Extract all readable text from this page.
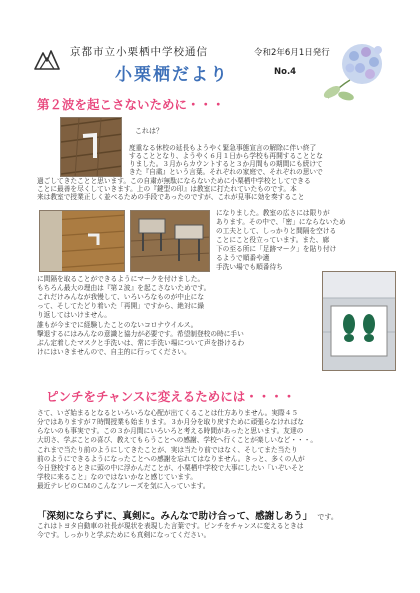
京都市立小栗栖中学校通信	令和2年6月1日発行
小栗栖だより	No.4
第２波を起こさないために・・・
これは？
度重なる休校の延長もようやく緊急事態宣言の解除に伴い終了
することとなり、ようやく６月１日から学校も再開することとな
りました。３月からカウントすると３か月間もの期間にも続けて
きた『自粛』という言葉。それぞれの家庭で、それぞれの思いで
過ごしてきたことと思います。この自粛が無駄にならないために小栗栖中学校としてできる
ことに最善を尽くしていきます。上の『鍵型の印』は教室に打たれていたものです。本
来は教室で授業正しく並べるための手段であったのですが、これが見事に効を奏すること
になりました。教室の広さには限りが
あります。その中で、「密」にならないため
の工夫として、しっかりと間隔を空ける
ことにこと役立っています。また、廊
下の至る所に「足跡マーク」を貼り付け
るようで順番や適
手洗い場でも順番待ち
に間隔を取ることができるようにマークを付けました。
もちろん最大の理由は『第２波』を起こさないためです。
これだけみんなが我慢して、いろいろなものが中止にな
って、そしてたどり着いた「再開」ですから、絶対に繰
り返してはいけません。
誰もが今までに経験したことのないコロナウイルス。
撃退するにはみんなの意識と協力が必要です。希望制登校の時に手い
ぶん定着したマスクと手洗いは、常に手洗い場について声を掛けるわ
けにはいきませんので、自主的に行ってください。
ピンチをチャンスに変えるためには・・・・
さて、いざ始まるとなるといろいろな心配が出てくることは仕方ありません。実際４５
分ではありますが７時間授業も始まります。３か月分を取り戻すために頑張らなければな
らないのも事実です。この３か月間にいろいろと考える時間があったと思います。友達の
大切さ、学ぶことの喜び、教えてもらうことへの感謝、学校へ行くことが楽しいなど・・・。
これまで当たり前のようにしてきたことが、実は当たり前ではなく、そしてまた当たり
前のようにできるようになったことへの感謝を忘れてはなりません。きっと、多くの人が
今日登校するときに頭の中に浮かんだことが、小栗栖中学校で大事にしたい「いぞいそと
学校に来ること」なのではないかなと感じています。
最近テレビのＣＭのこんなフレーズを気に入っています。
「深刻にならずに、真剣に。みんなで助け合って、感謝しあう」 です。
これはトヨタ自動車の社長が現状を表現した言葉です。ピンチをチャンスに変えるときは
今です。しっかりと学ぶためにも真剣になってください。
